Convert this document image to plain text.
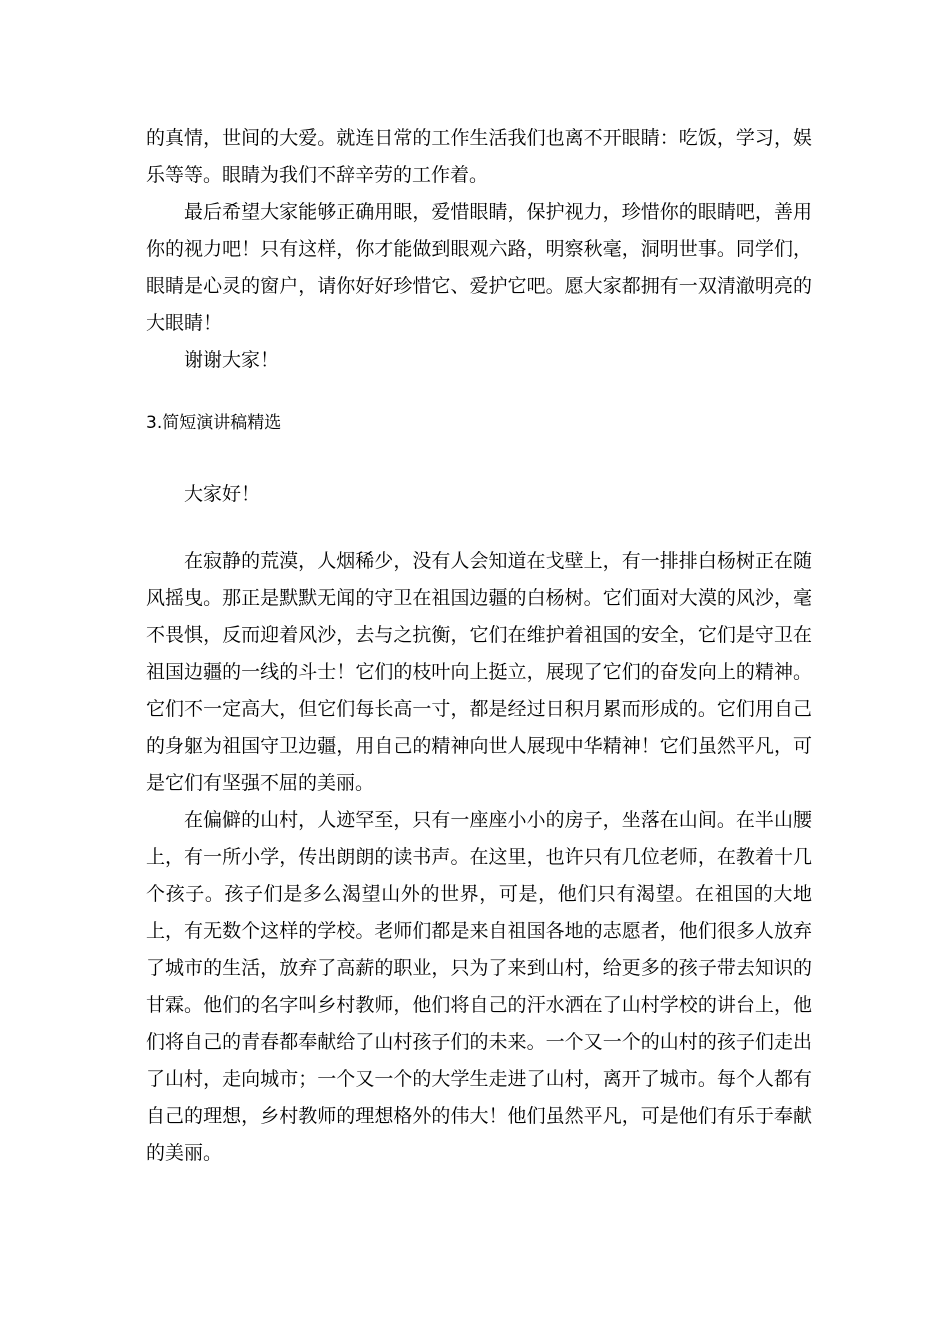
的真情，世间的大爱。就连日常的工作生活我们也离不开眼睛：吃饭，学习，娱乐等等。眼睛为我们不辞辛劳的工作着。

最后希望大家能够正确用眼，爱惜眼睛，保护视力，珍惜你的眼睛吧，善用你的视力吧！只有这样，你才能做到眼观六路，明察秋毫，洞明世事。同学们，眼睛是心灵的窗户，请你好好珍惜它、爱护它吧。愿大家都拥有一双清澈明亮的大眼睛！

谢谢大家！

3.简短演讲稿精选

大家好！

在寂静的荒漠，人烟稀少，没有人会知道在戈壁上，有一排排白杨树正在随风摇曳。那正是默默无闻的守卫在祖国边疆的白杨树。它们面对大漠的风沙，毫不畏惧，反而迎着风沙，去与之抗衡，它们在维护着祖国的安全，它们是守卫在祖国边疆的一线的斗士！它们的枝叶向上挺立，展现了它们的奋发向上的精神。它们不一定高大，但它们每长高一寸，都是经过日积月累而形成的。它们用自己的身躯为祖国守卫边疆，用自己的精神向世人展现中华精神！它们虽然平凡，可是它们有坚强不屈的美丽。

在偏僻的山村，人迹罕至，只有一座座小小的房子，坐落在山间。在半山腰上，有一所小学，传出朗朗的读书声。在这里，也许只有几位老师，在教着十几个孩子。孩子们是多么渴望山外的世界，可是，他们只有渴望。在祖国的大地上，有无数个这样的学校。老师们都是来自祖国各地的志愿者，他们很多人放弃了城市的生活，放弃了高薪的职业，只为了来到山村，给更多的孩子带去知识的甘霖。他们的名字叫乡村教师，他们将自己的汗水洒在了山村学校的讲台上，他们将自己的青春都奉献给了山村孩子们的未来。一个又一个的山村的孩子们走出了山村，走向城市；一个又一个的大学生走进了山村，离开了城市。每个人都有自己的理想，乡村教师的理想格外的伟大！他们虽然平凡，可是他们有乐于奉献的美丽。
